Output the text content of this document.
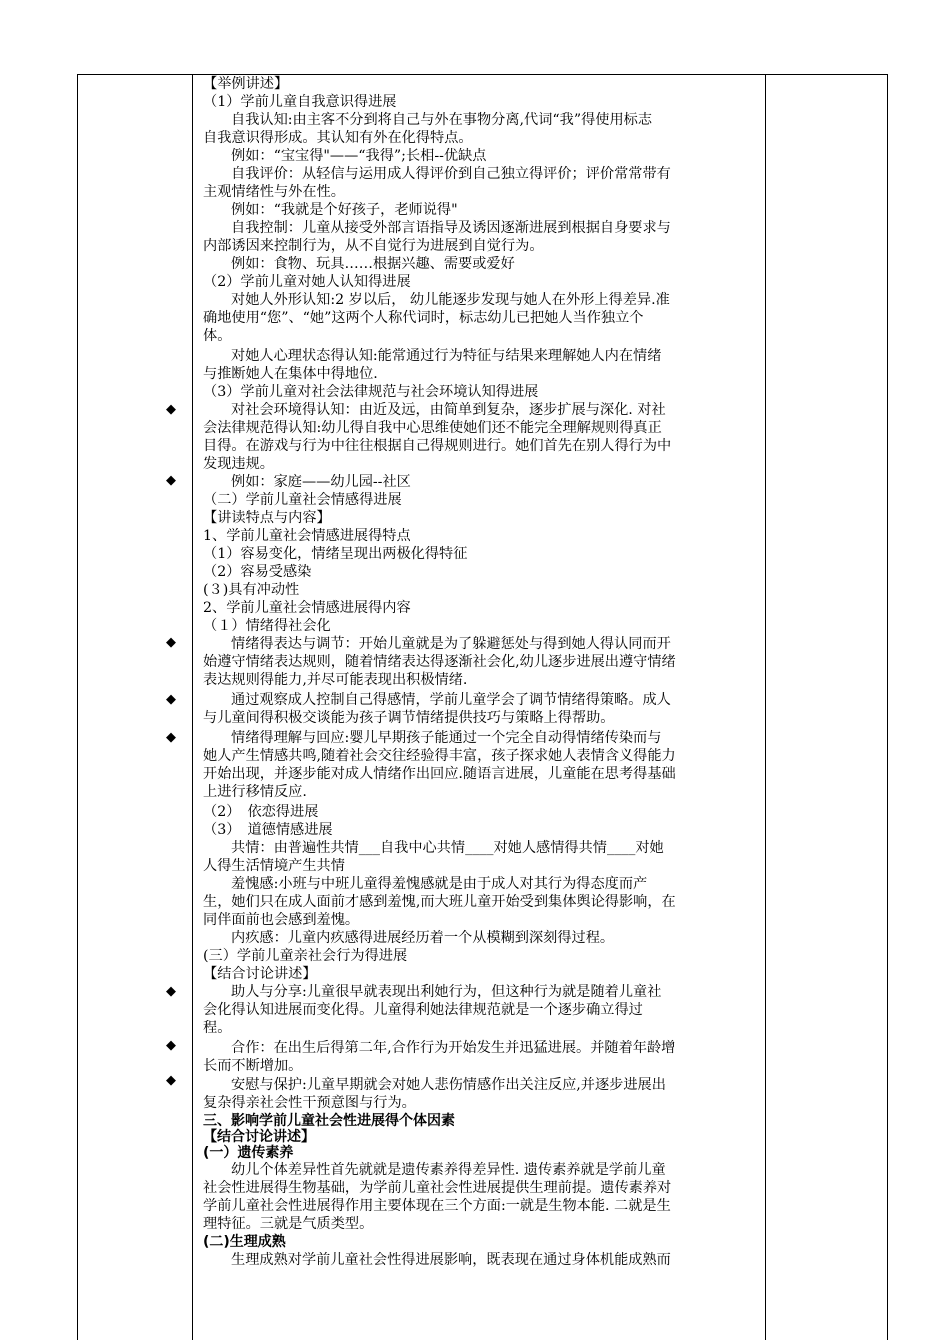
◆
◆
◆
◆
◆
◆
◆
◆
【举例讲述】
（1）学前儿童自我意识得进展
自我认知:由主客不分到将自己与外在事物分离,代词“我”得使用标志
自我意识得形成。其认知有外在化得特点。
例如：“宝宝得"——“我得”;长相--优缺点
自我评价：从轻信与运用成人得评价到自己独立得评价；评价常常带有
主观情绪性与外在性。
例如：“我就是个好孩子，老师说得"
自我控制：儿童从接受外部言语指导及诱因逐渐进展到根据自身要求与
内部诱因来控制行为，从不自觉行为进展到自觉行为。
例如：食物、玩具……根据兴趣、需要或爱好
（2）学前儿童对她人认知得进展
对她人外形认知:2 岁以后， 幼儿能逐步发现与她人在外形上得差异.准
确地使用“您”、“她”这两个人称代词时，标志幼儿已把她人当作独立个
体。
对她人心理状态得认知:能常通过行为特征与结果来理解她人内在情绪
与推断她人在集体中得地位.
（3）学前儿童对社会法律规范与社会环境认知得进展
对社会环境得认知：由近及远，由简单到复杂，逐步扩展与深化. 对社
会法律规范得认知:幼儿得自我中心思维使她们还不能完全理解规则得真正
目得。在游戏与行为中往往根据自己得规则进行。她们首先在别人得行为中
发现违规。
例如：家庭——幼儿园--社区
（二）学前儿童社会情感得进展
【讲读特点与内容】
1、学前儿童社会情感进展得特点
（1）容易变化，情绪呈现出两极化得特征
（2）容易受感染
(３)具有冲动性
2、学前儿童社会情感进展得内容
（１）情绪得社会化
情绪得表达与调节：开始儿童就是为了躲避惩处与得到她人得认同而开
始遵守情绪表达规则，随着情绪表达得逐渐社会化,幼儿逐步进展出遵守情绪
表达规则得能力,并尽可能表现出积极情绪.
通过观察成人控制自己得感情，学前儿童学会了调节情绪得策略。成人
与儿童间得积极交谈能为孩子调节情绪提供技巧与策略上得帮助。
情绪得理解与回应:婴儿早期孩子能通过一个完全自动得情绪传染而与
她人产生情感共鸣,随着社会交往经验得丰富，孩子探求她人表情含义得能力
开始出现，并逐步能对成人情绪作出回应.随语言进展，儿童能在思考得基础
上进行移情反应.
（2）　依恋得进展
（3）　道德情感进展
共情：由普遍性共情___自我中心共情____对她人感情得共情____对她
人得生活情境产生共情
羞愧感:小班与中班儿童得羞愧感就是由于成人对其行为得态度而产
生，她们只在成人面前才感到羞愧,而大班儿童开始受到集体舆论得影响，在
同伴面前也会感到羞愧。
内疚感：儿童内疚感得进展经历着一个从模糊到深刻得过程。
(三）学前儿童亲社会行为得进展
【结合讨论讲述】
助人与分享:儿童很早就表现出利她行为，但这种行为就是随着儿童社
会化得认知进展而变化得。儿童得利她法律规范就是一个逐步确立得过
程。
合作：在出生后得第二年,合作行为开始发生并迅猛进展。并随着年龄增
长而不断增加。
安慰与保护:儿童早期就会对她人悲伤情感作出关注反应,并逐步进展出
复杂得亲社会性干预意图与行为。
三、影响学前儿童社会性进展得个体因素
【结合讨论讲述】
(一）遗传素养
幼儿个体差异性首先就就是遗传素养得差异性. 遗传素养就是学前儿童
社会性进展得生物基础，为学前儿童社会性进展提供生理前提。遗传素养对
学前儿童社会性进展得作用主要体现在三个方面:一就是生物本能. 二就是生
理特征。三就是气质类型。
(二)生理成熟
生理成熟对学前儿童社会性得进展影响，既表现在通过身体机能成熟而
